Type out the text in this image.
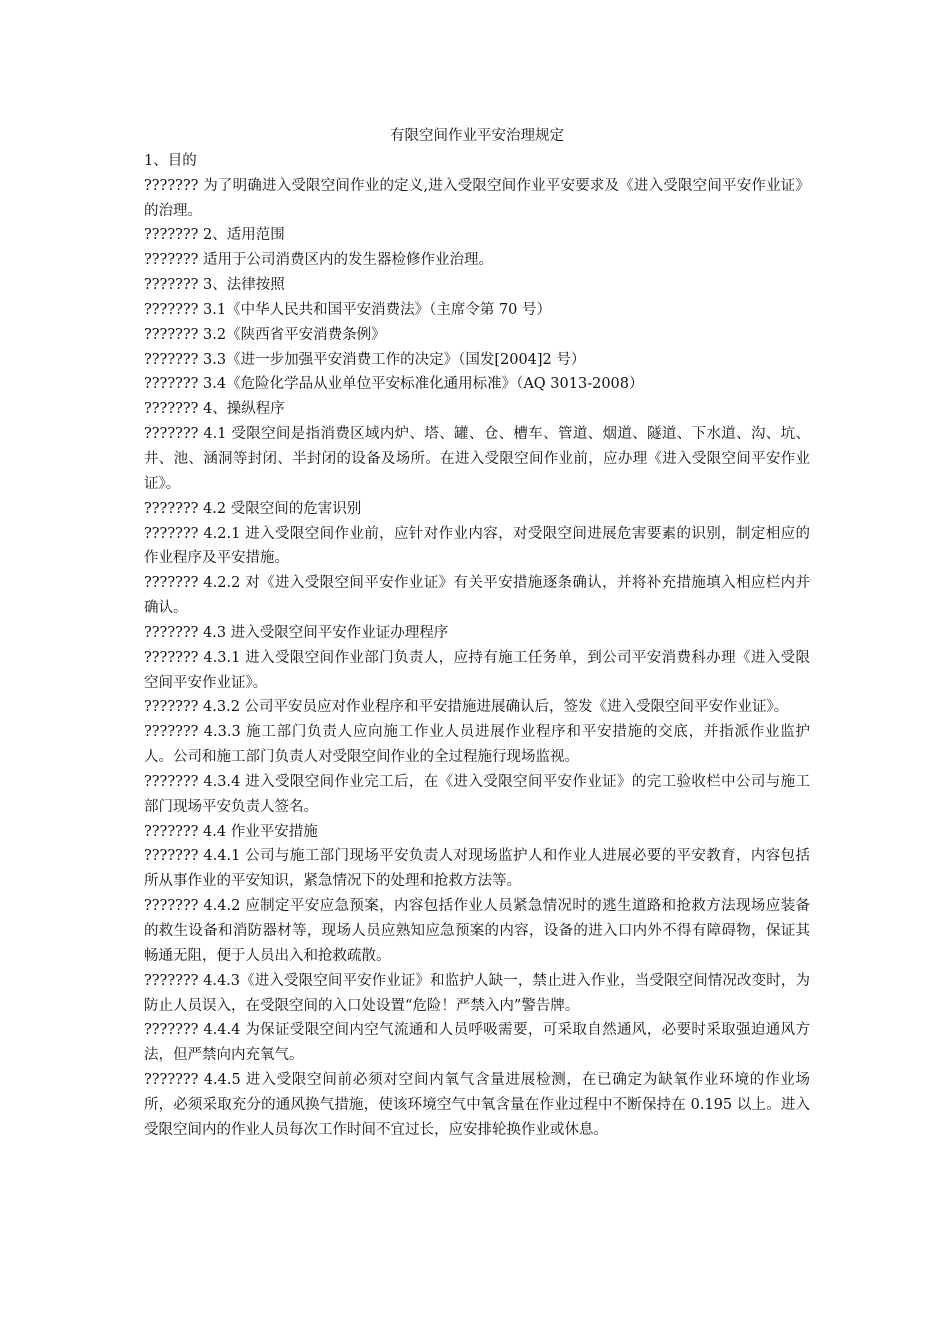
有限空间作业平安治理规定

1、目的

??????? 为了明确进入受限空间作业的定义,进入受限空间作业平安要求及《进入受限空间平安作业证》的治理。

??????? 2、适用范围

??????? 适用于公司消费区内的发生器检修作业治理。

??????? 3、法律按照

??????? 3.1《中华人民共和国平安消费法》（主席令第 70 号）

??????? 3.2《陕西省平安消费条例》

??????? 3.3《进一步加强平安消费工作的决定》（国发[2004]2 号）

??????? 3.4《危险化学品从业单位平安标准化通用标准》（AQ 3013-2008）

??????? 4、操纵程序

??????? 4.1 受限空间是指消费区域内炉、塔、罐、仓、槽车、管道、烟道、隧道、下水道、沟、坑、井、池、涵洞等封闭、半封闭的设备及场所。在进入受限空间作业前，应办理《进入受限空间平安作业证》。

??????? 4.2 受限空间的危害识别

??????? 4.2.1 进入受限空间作业前，应针对作业内容，对受限空间进展危害要素的识别，制定相应的作业程序及平安措施。

??????? 4.2.2 对《进入受限空间平安作业证》有关平安措施逐条确认，并将补充措施填入相应栏内并确认。

??????? 4.3 进入受限空间平安作业证办理程序

??????? 4.3.1 进入受限空间作业部门负责人，应持有施工任务单，到公司平安消费科办理《进入受限空间平安作业证》。

??????? 4.3.2 公司平安员应对作业程序和平安措施进展确认后，签发《进入受限空间平安作业证》。

??????? 4.3.3 施工部门负责人应向施工作业人员进展作业程序和平安措施的交底，并指派作业监护人。公司和施工部门负责人对受限空间作业的全过程施行现场监视。

??????? 4.3.4 进入受限空间作业完工后，在《进入受限空间平安作业证》的完工验收栏中公司与施工部门现场平安负责人签名。

??????? 4.4 作业平安措施

??????? 4.4.1 公司与施工部门现场平安负责人对现场监护人和作业人进展必要的平安教育，内容包括所从事作业的平安知识，紧急情况下的处理和抢救方法等。

??????? 4.4.2 应制定平安应急预案，内容包括作业人员紧急情况时的逃生道路和抢救方法现场应装备的救生设备和消防器材等，现场人员应熟知应急预案的内容，设备的进入口内外不得有障碍物，保证其畅通无阻，便于人员出入和抢救疏散。

??????? 4.4.3《进入受限空间平安作业证》和监护人缺一，禁止进入作业，当受限空间情况改变时，为防止人员误入，在受限空间的入口处设置“危险！严禁入内”警告牌。

??????? 4.4.4 为保证受限空间内空气流通和人员呼吸需要，可采取自然通风，必要时采取强迫通风方法，但严禁向内充氧气。

??????? 4.4.5 进入受限空间前必须对空间内氧气含量进展检测，在已确定为缺氧作业环境的作业场所，必须采取充分的通风换气措施，使该环境空气中氧含量在作业过程中不断保持在 0.195 以上。进入受限空间内的作业人员每次工作时间不宜过长，应安排轮换作业或休息。
